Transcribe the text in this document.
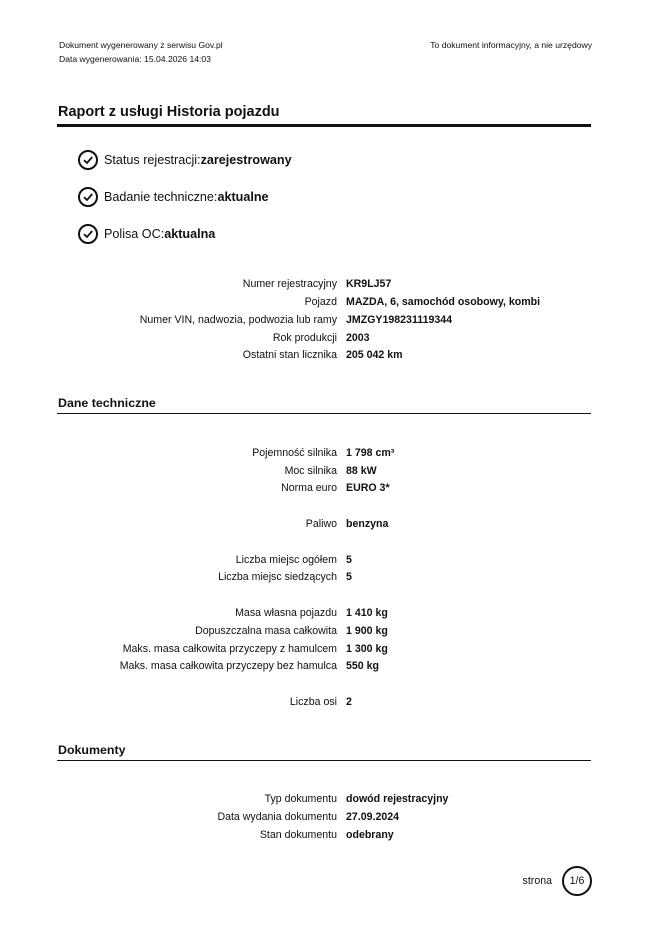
Dokument wygenerowany z serwisu Gov.pl
Data wygenerowania: 15.04.2026 14:03
To dokument informacyjny, a nie urzędowy
Raport z usługi Historia pojazdu
Status rejestracji: zarejestrowany
Badanie techniczne: aktualne
Polisa OC: aktualna
Numer rejestracyjny KR9LJ57
Pojazd MAZDA, 6, samochód osobowy, kombi
Numer VIN, nadwozia, podwozia lub ramy JMZGY198231119344
Rok produkcji 2003
Ostatni stan licznika 205 042 km
Dane techniczne
Pojemność silnika 1 798 cm³
Moc silnika 88 kW
Norma euro EURO 3*
Paliwo benzyna
Liczba miejsc ogółem 5
Liczba miejsc siedzących 5
Masa własna pojazdu 1 410 kg
Dopuszczalna masa całkowita 1 900 kg
Maks. masa całkowita przyczepy z hamulcem 1 300 kg
Maks. masa całkowita przyczepy bez hamulca 550 kg
Liczba osi 2
Dokumenty
Typ dokumentu dowód rejestracyjny
Data wydania dokumentu 27.09.2024
Stan dokumentu odebrany
strona	1/6
